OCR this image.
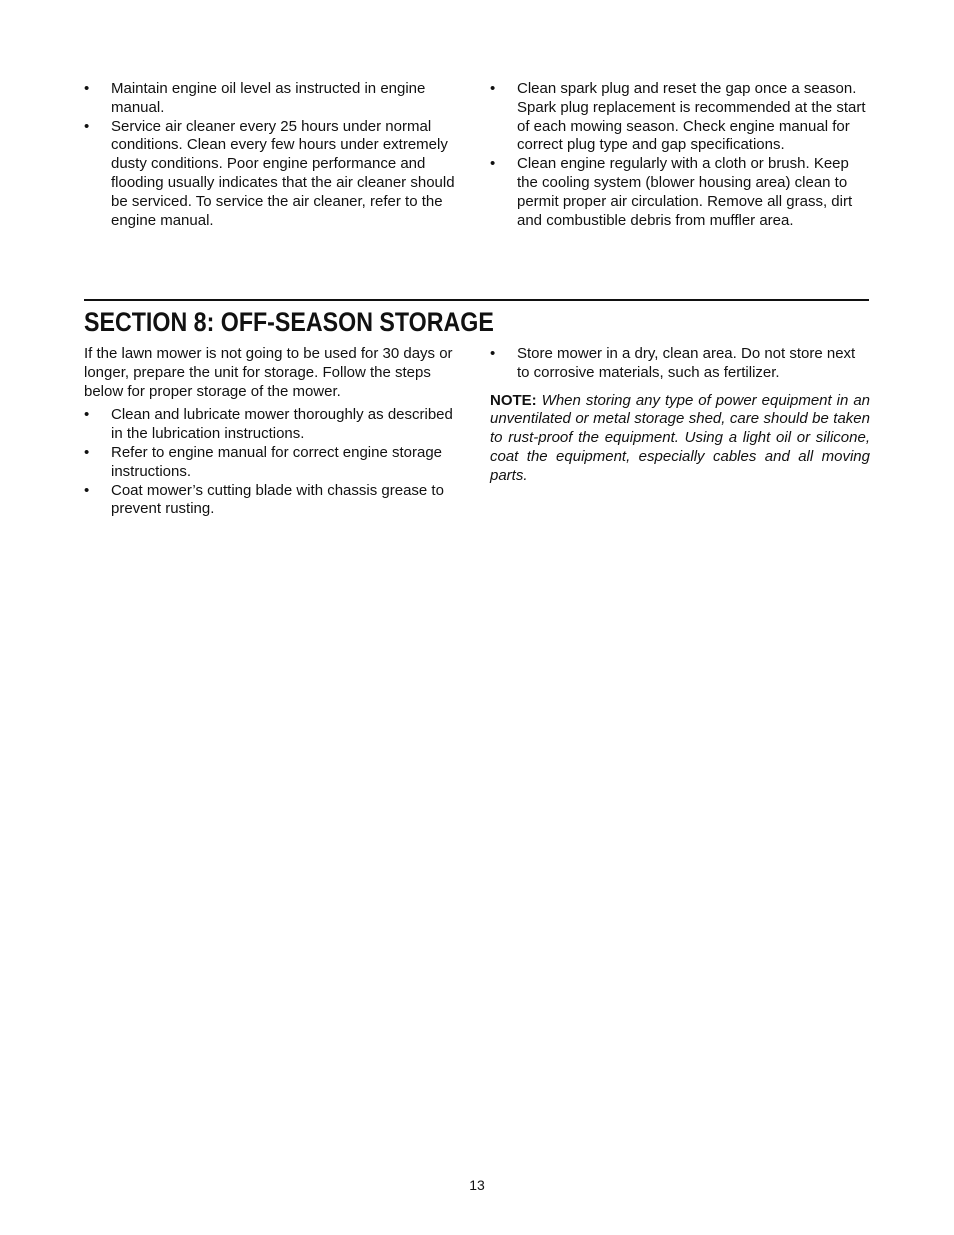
•	Maintain engine oil level as instructed in engine manual.
•	Service air cleaner every 25 hours under normal conditions. Clean every few hours under extremely dusty conditions. Poor engine performance and flooding usually indicates that the air cleaner should be serviced. To service the air cleaner, refer to the engine manual.
•	Clean spark plug and reset the gap once a season. Spark plug replacement is recommended at the start of each mowing season. Check engine manual for correct plug type and gap specifications.
•	Clean engine regularly with a cloth or brush. Keep the cooling system (blower housing area) clean to permit proper air circulation. Remove all grass, dirt and combustible debris from muffler area.
SECTION 8: OFF-SEASON STORAGE

If the lawn mower is not going to be used for 30 days or longer, prepare the unit for storage. Follow the steps below for proper storage of the mower.

•	Clean and lubricate mower thoroughly as described in the lubrication instructions.
•	Refer to engine manual for correct engine storage instructions.
•	Coat mower’s cutting blade with chassis grease to prevent rusting.
•	Store mower in a dry, clean area. Do not store next to corrosive materials, such as fertilizer.

NOTE: When storing any type of power equipment in an unventilated or metal storage shed, care should be taken to rust-proof the equipment. Using a light oil or silicone, coat the equipment, especially cables and all moving parts.

13
